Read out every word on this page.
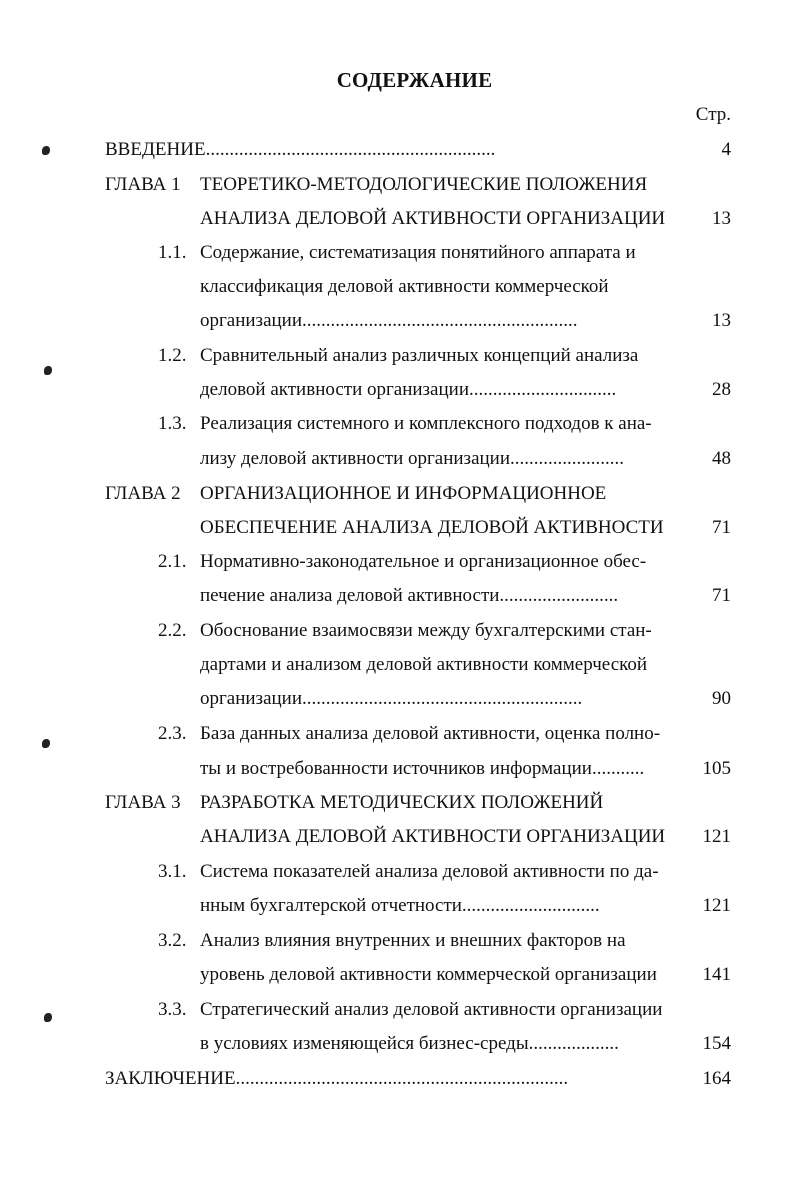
СОДЕРЖАНИЕ
Стр.
ВВЕДЕНИЕ.............................................................	4
ГЛАВА 1 ТЕОРЕТИКО-МЕТОДОЛОГИЧЕСКИЕ ПОЛОЖЕНИЯ
АНАЛИЗА ДЕЛОВОЙ АКТИВНОСТИ ОРГАНИЗАЦИИ 13
1.1. Содержание, систематизация понятийного аппарата и
классификация деловой активности коммерческой
организации..........................................................	13
1.2. Сравнительный анализ различных концепций анализа
деловой активности организации...............................	28
1.3. Реализация системного и комплексного подходов к ана-
лизу деловой активности организации........................	48
ГЛАВА 2 ОРГАНИЗАЦИОННОЕ И ИНФОРМАЦИОННОЕ
ОБЕСПЕЧЕНИЕ АНАЛИЗА ДЕЛОВОЙ АКТИВНОСТИ	71
2.1. Нормативно-законодательное и организационное обес-
печение анализа деловой активности.........................	71
2.2. Обоснование взаимосвязи между бухгалтерскими стан-
дартами и анализом деловой активности коммерческой
организации...........................................................	90
2.3. База данных анализа деловой активности, оценка полно-
ты и востребованности источников информации...........	105
ГЛАВА 3 РАЗРАБОТКА МЕТОДИЧЕСКИХ ПОЛОЖЕНИЙ
АНАЛИЗА ДЕЛОВОЙ АКТИВНОСТИ ОРГАНИЗАЦИИ 121
3.1. Система показателей анализа деловой активности по да-
нным бухгалтерской отчетности.............................	121
3.2. Анализ влияния внутренних и внешних факторов на
уровень деловой активности коммерческой организации 141
3.3. Стратегический анализ деловой активности организации
в условиях изменяющейся бизнес-среды...................	154
ЗАКЛЮЧЕНИЕ......................................................................	164
